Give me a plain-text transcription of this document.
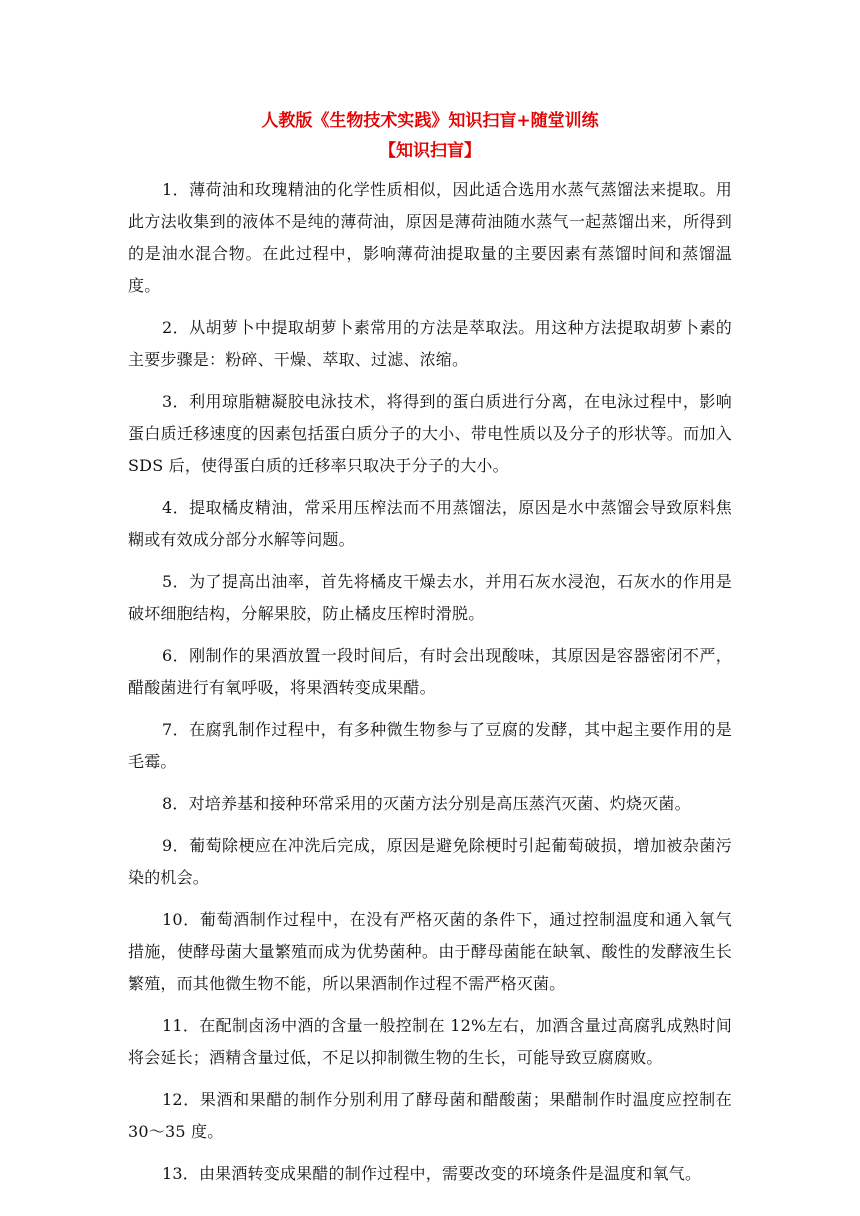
人教版《生物技术实践》知识扫盲+随堂训练
【知识扫盲】

1．薄荷油和玫瑰精油的化学性质相似，因此适合选用水蒸气蒸馏法来提取。用此方法收集到的液体不是纯的薄荷油，原因是薄荷油随水蒸气一起蒸馏出来，所得到的是油水混合物。在此过程中，影响薄荷油提取量的主要因素有蒸馏时间和蒸馏温度。

2．从胡萝卜中提取胡萝卜素常用的方法是萃取法。用这种方法提取胡萝卜素的主要步骤是：粉碎、干燥、萃取、过滤、浓缩。

3．利用琼脂糖凝胶电泳技术，将得到的蛋白质进行分离，在电泳过程中，影响蛋白质迁移速度的因素包括蛋白质分子的大小、带电性质以及分子的形状等。而加入 SDS 后，使得蛋白质的迁移率只取决于分子的大小。

4．提取橘皮精油，常采用压榨法而不用蒸馏法，原因是水中蒸馏会导致原料焦糊或有效成分部分水解等问题。

5．为了提高出油率，首先将橘皮干燥去水，并用石灰水浸泡，石灰水的作用是破坏细胞结构，分解果胶，防止橘皮压榨时滑脱。

6．刚制作的果酒放置一段时间后，有时会出现酸味，其原因是容器密闭不严，醋酸菌进行有氧呼吸，将果酒转变成果醋。

7．在腐乳制作过程中，有多种微生物参与了豆腐的发酵，其中起主要作用的是毛霉。

8．对培养基和接种环常采用的灭菌方法分别是高压蒸汽灭菌、灼烧灭菌。

9．葡萄除梗应在冲洗后完成，原因是避免除梗时引起葡萄破损，增加被杂菌污染的机会。

10．葡萄酒制作过程中，在没有严格灭菌的条件下，通过控制温度和通入氧气措施，使酵母菌大量繁殖而成为优势菌种。由于酵母菌能在缺氧、酸性的发酵液生长繁殖，而其他微生物不能，所以果酒制作过程不需严格灭菌。

11．在配制卤汤中酒的含量一般控制在 12%左右，加酒含量过高腐乳成熟时间将会延长；酒精含量过低，不足以抑制微生物的生长，可能导致豆腐腐败。

12．果酒和果醋的制作分别利用了酵母菌和醋酸菌；果醋制作时温度应控制在 30～35 度。

13．由果酒转变成果醋的制作过程中，需要改变的环境条件是温度和氧气。
